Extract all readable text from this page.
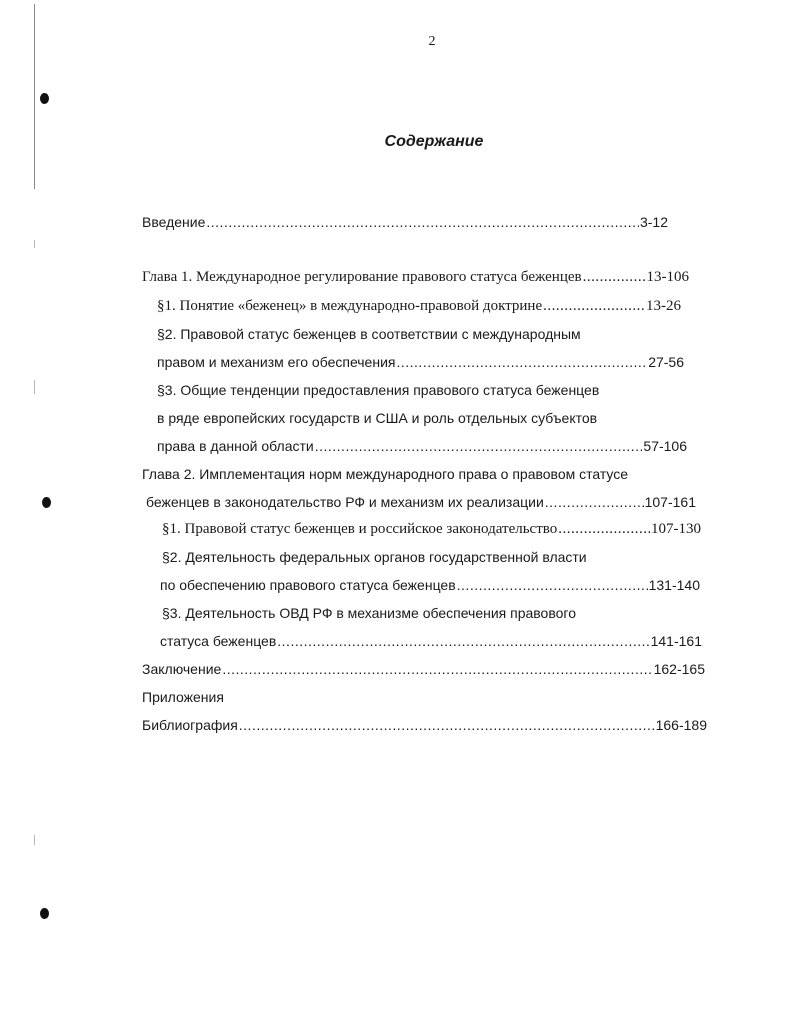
2
Содержание
Введение .....	3-12
Глава 1. Международное регулирование правового статуса беженцев .....	13-106
§1. Понятие «беженец» в международно-правовой доктрине .....	13-26
§2. Правовой статус беженцев в соответствии с международным
правом и механизм его обеспечения .....	27-56
§3. Общие тенденции предоставления правового статуса беженцев
в ряде европейских государств и США и роль отдельных субъектов
права в данной области .....	57-106
Глава 2. Имплементация норм международного права о правовом статусе
беженцев в законодательство РФ и механизм их реализации .....	107-161
§1. Правовой статус беженцев и российское законодательство .....	107-130
§2. Деятельность федеральных органов государственной власти
по обеспечению правового статуса беженцев .....	131-140
§3. Деятельность ОВД РФ в механизме обеспечения правового
статуса беженцев .....	141-161
Заключение .....	162-165
Приложения
Библиография .....	166-189
